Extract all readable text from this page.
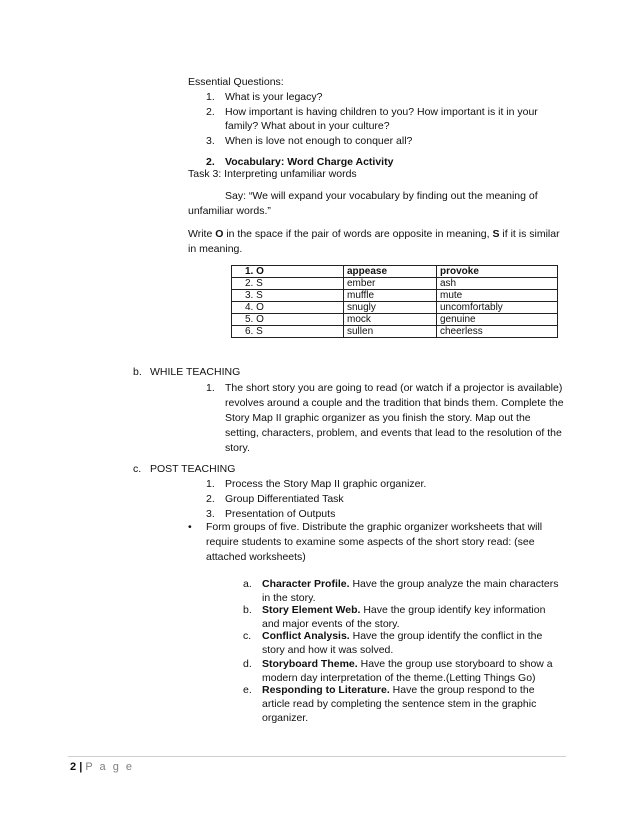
Essential Questions:
1. What is your legacy?
2. How important is having children to you? How important is it in your
family? What about in your culture?
3. When is love not enough to conquer all?
2. Vocabulary: Word Charge Activity
Task 3: Interpreting unfamiliar words
Say: “We will expand your vocabulary by finding out the meaning of
unfamiliar words.”
Write O in the space if the pair of words are opposite in meaning, S if it is similar
in meaning.
1. O	appease	provoke
2. S	ember	ash
3. S	muffle	mute
4. O	snugly	uncomfortably
5. O	mock	genuine
6. S	sullen	cheerless
b. WHILE TEACHING
1. The short story you are going to read (or watch if a projector is available)
revolves around a couple and the tradition that binds them. Complete the
Story Map II graphic organizer as you finish the story. Map out the
setting, characters, problem, and events that lead to the resolution of the
story.
c. POST TEACHING
1. Process the Story Map II graphic organizer.
2. Group Differentiated Task
3. Presentation of Outputs
• Form groups of five. Distribute the graphic organizer worksheets that will
require students to examine some aspects of the short story read: (see
attached worksheets)
a. Character Profile. Have the group analyze the main characters
in the story.
b. Story Element Web. Have the group identify key information
and major events of the story.
c. Conflict Analysis. Have the group identify the conflict in the
story and how it was solved.
d. Storyboard Theme. Have the group use storyboard to show a
modern day interpretation of the theme.(Letting Things Go)
e. Responding to Literature. Have the group respond to the
article read by completing the sentence stem in the graphic
organizer.
2 | P a g e
